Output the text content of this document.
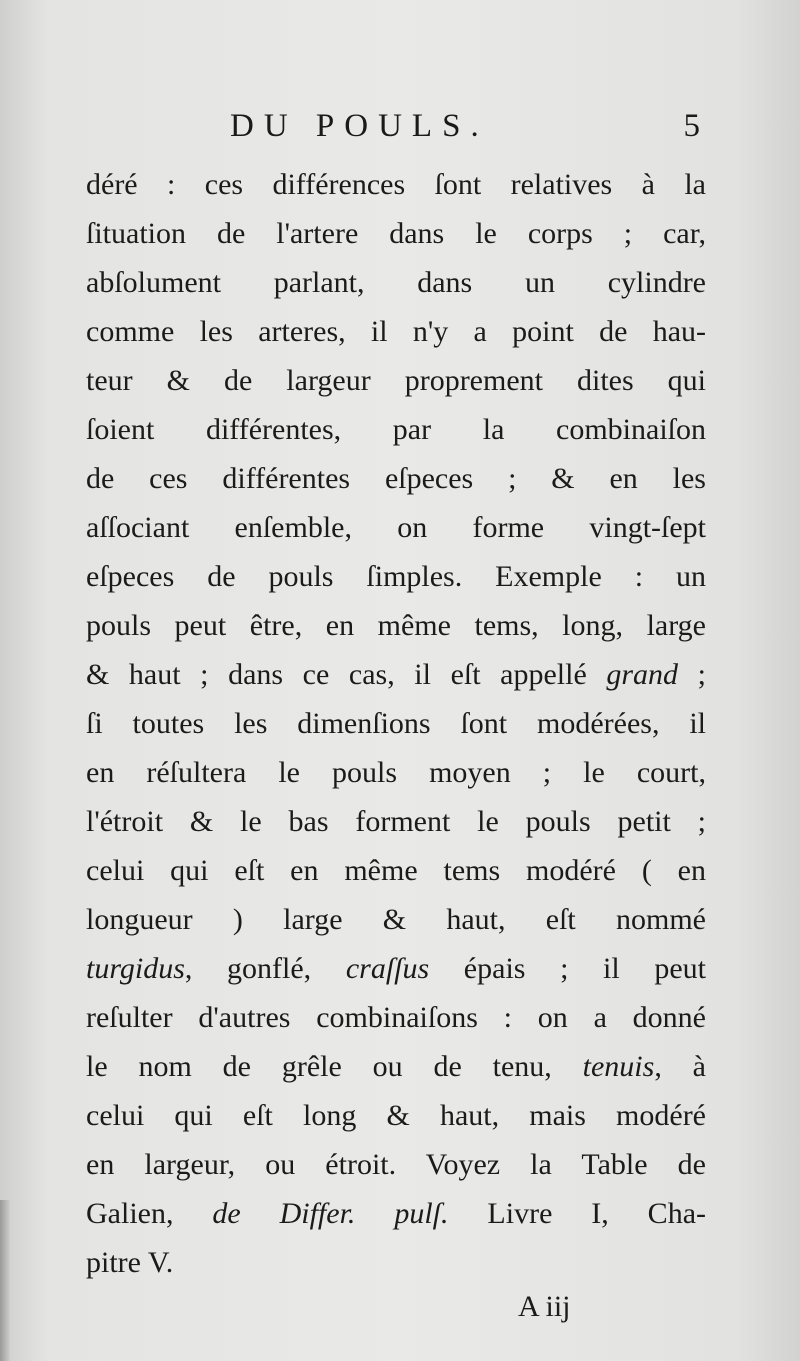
DU POULS.	5
déré : ces différences ſont relatives à la
ſituation de l'artere dans le corps ; car,
abſolument parlant, dans un cylindre
comme les arteres, il n'y a point de hau-
teur & de largeur proprement dites qui
ſoient différentes, par la combinaiſon
de ces différentes eſpeces ; & en les
aſſociant enſemble, on forme vingt-ſept
eſpeces de pouls ſimples. Exemple : un
pouls peut être, en même tems, long, large
& haut ; dans ce cas, il eſt appellé grand ;
ſi toutes les dimenſions ſont modérées, il
en réſultera le pouls moyen ; le court,
l'étroit & le bas forment le pouls petit ;
celui qui eſt en même tems modéré ( en
longueur ) large & haut, eſt nommé
turgidus, gonflé, craſſus épais ; il peut
reſulter d'autres combinaiſons : on a donné
le nom de grêle ou de tenu, tenuis, à
celui qui eſt long & haut, mais modéré
en largeur, ou étroit. Voyez la Table de
Galien, de Differ. pulſ. Livre I, Cha-
pitre V.
A iij
